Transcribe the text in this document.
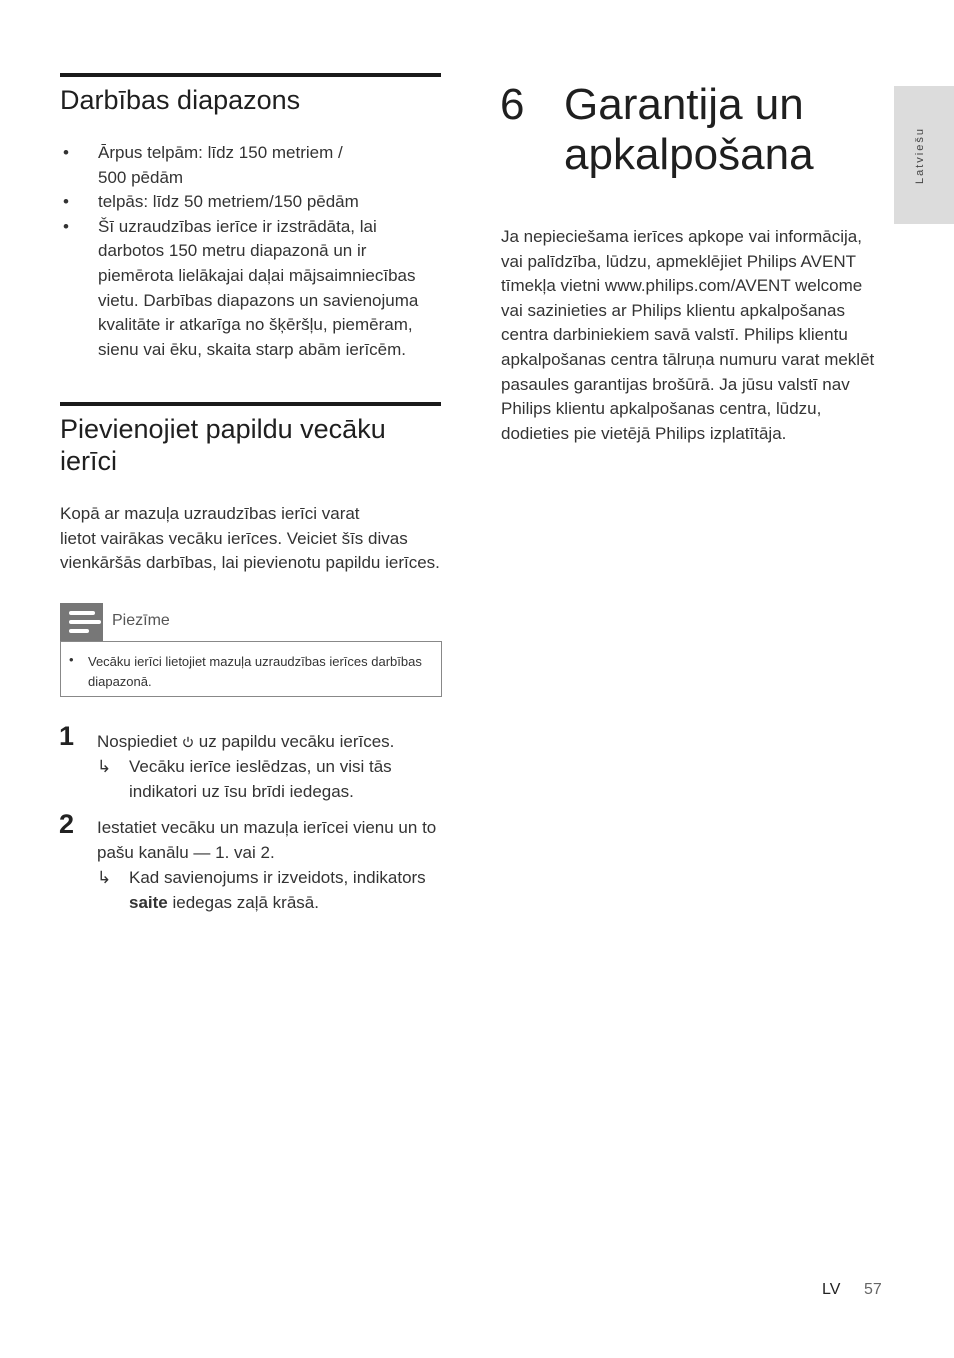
Darbības diapazons
• Ārpus telpām: līdz 150 metriem /
500 pēdām
• telpās: līdz 50 metriem/150 pēdām
• Šī uzraudzības ierīce ir izstrādāta, lai darbotos 150 metru diapazonā un ir piemērota lielākajai daļai mājsaimniecības vietu. Darbības diapazons un savienojuma kvalitāte ir atkarīga no šķēršļu, piemēram, sienu vai ēku, skaita starp abām ierīcēm.
Pievienojiet papildu vecāku ierīci
Kopā ar mazuļa uzraudzības ierīci varat
lietot vairākas vecāku ierīces. Veiciet šīs divas
vienkāršās darbības, lai pievienotu papildu ierīces.
Piezīme
• Vecāku ierīci lietojiet mazuļa uzraudzības ierīces darbības diapazonā.
1 Nospiediet uz papildu vecāku ierīces.
↳	Vecāku ierīce ieslēdzas, un visi tās indikatori uz īsu brīdi iedegas.
2 Iestatiet vecāku un mazuļa ierīcei vienu un to pašu kanālu — 1. vai 2.
↳	Kad savienojums ir izveidots, indikators saite iedegas zaļā krāsā.
6 Garantija un
apkalpošana
Ja nepieciešama ierīces apkope vai informācija, vai palīdzība, lūdzu, apmeklējiet Philips AVENT tīmekļa vietni www.philips.com/AVENT welcome vai sazinieties ar Philips klientu apkalpošanas centra darbiniekiem savā valstī. Philips klientu apkalpošanas centra tālruņa numuru varat meklēt pasaules garantijas brošūrā. Ja jūsu valstī nav Philips klientu apkalpošanas centra, lūdzu, dodieties pie vietējā Philips izplatītāja.
Latviešu
LV 57
